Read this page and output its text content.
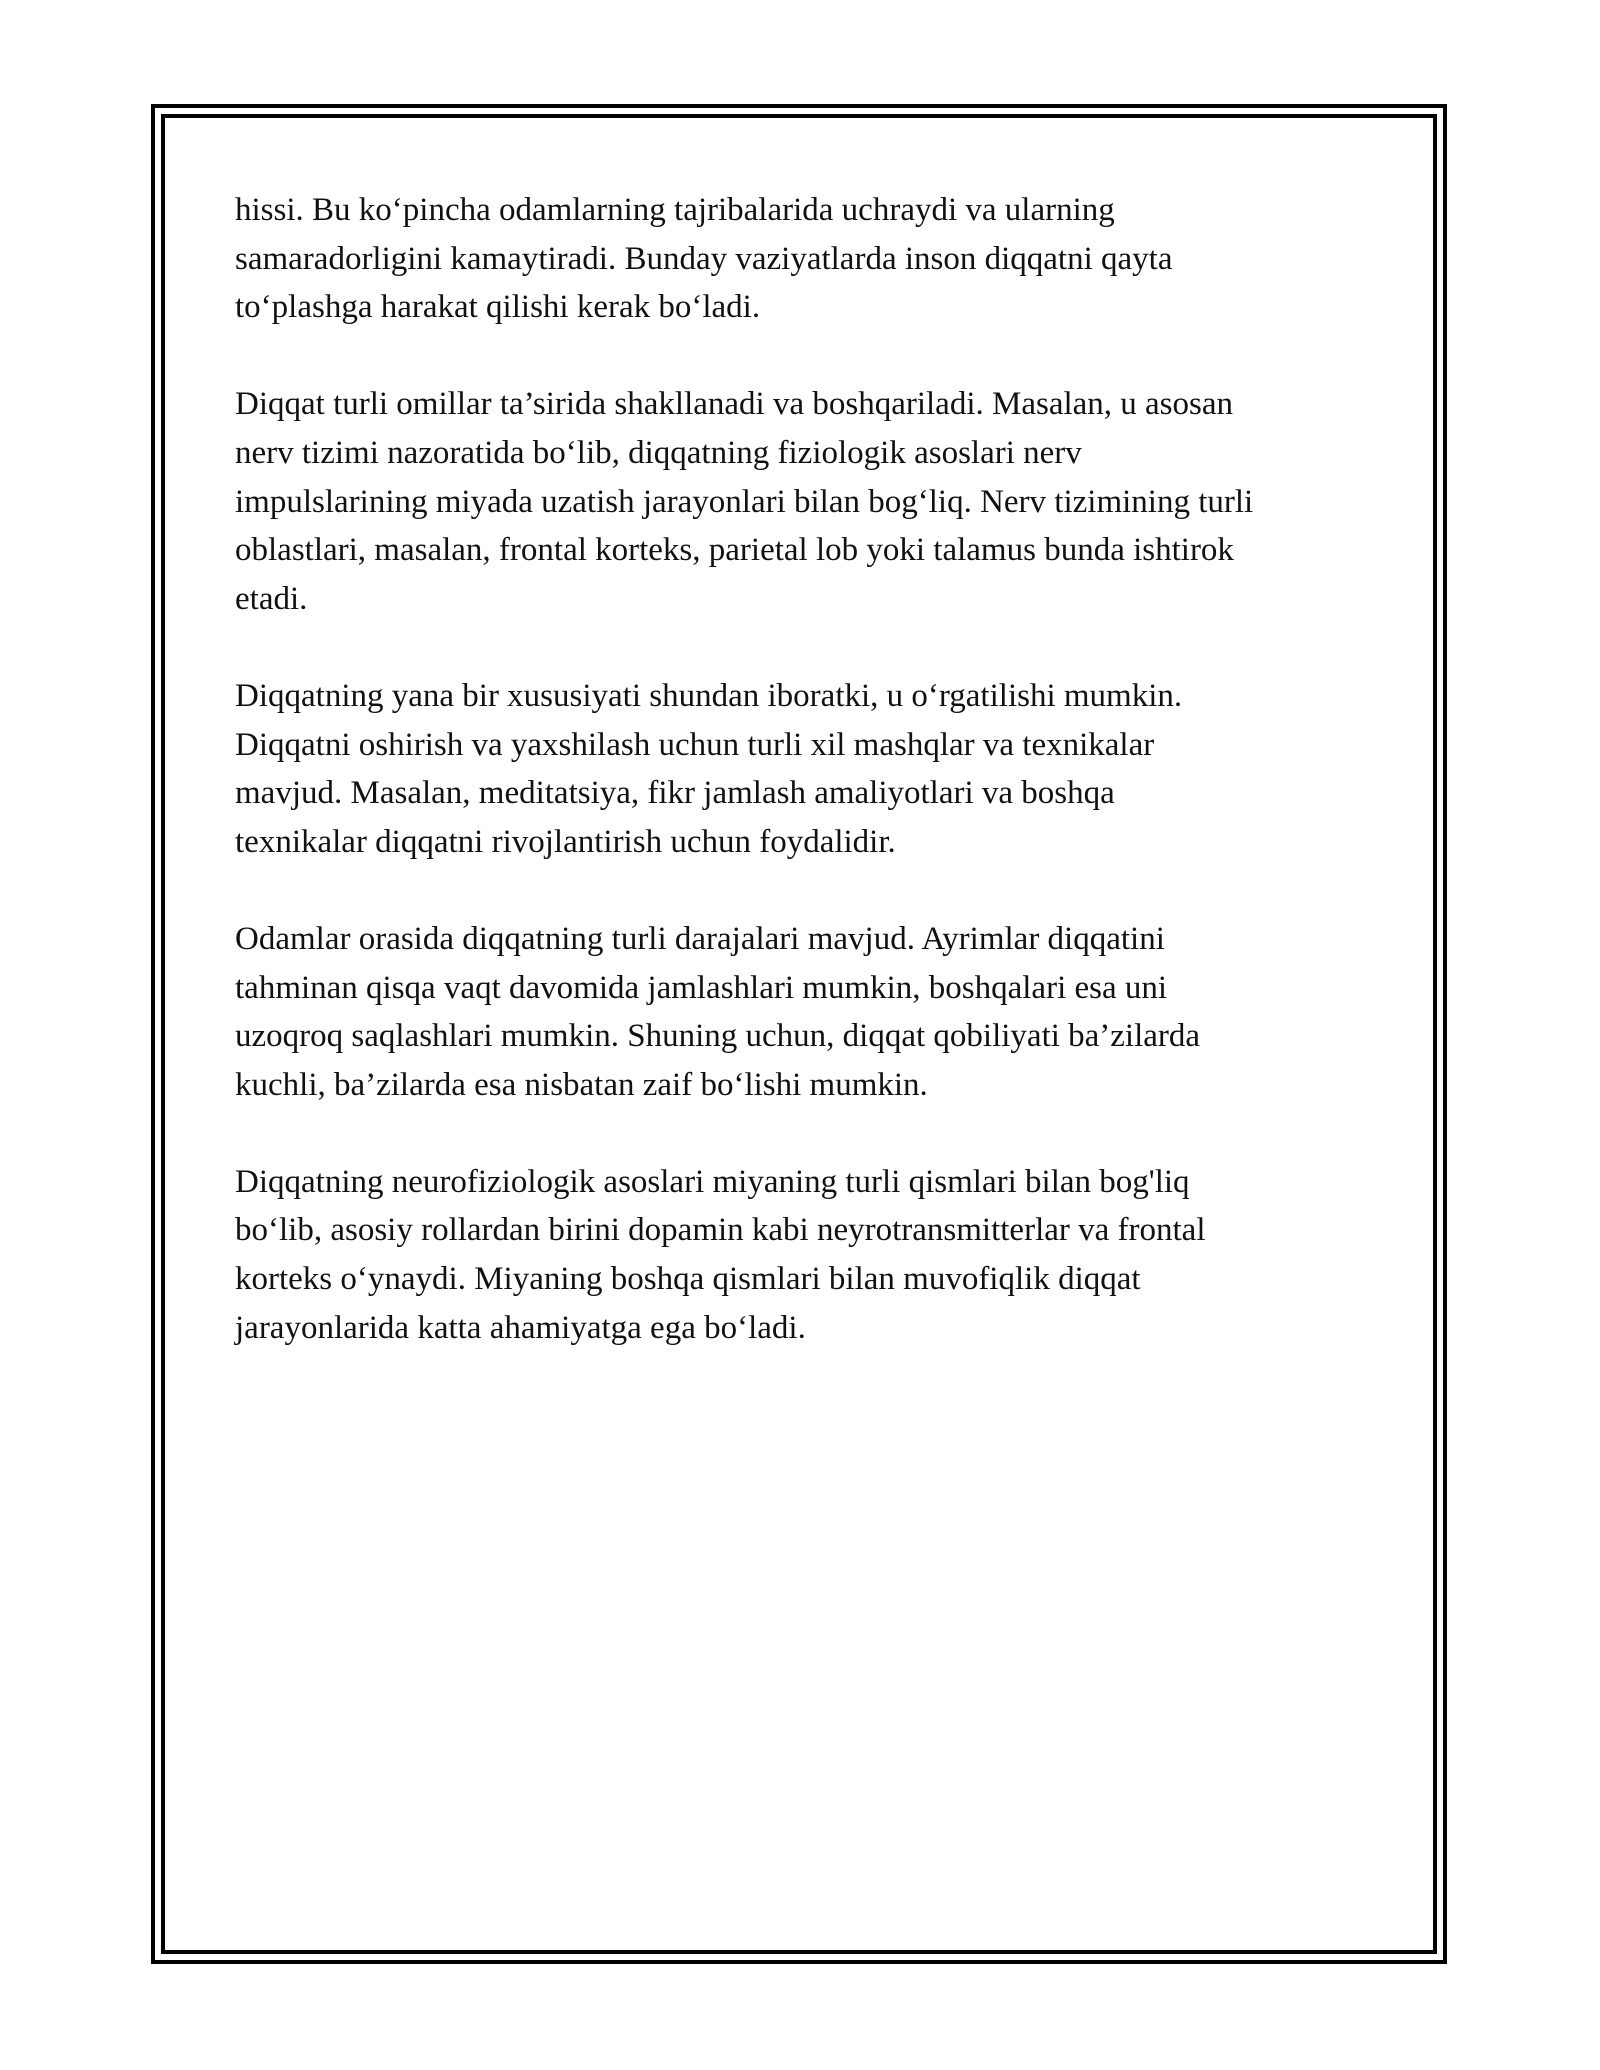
hissi. Bu ko‘pincha odamlarning tajribalarida uchraydi va ularning
samaradorligini kamaytiradi. Bunday vaziyatlarda inson diqqatni qayta
to‘plashga harakat qilishi kerak bo‘ladi.

Diqqat turli omillar ta’sirida shakllanadi va boshqariladi. Masalan, u asosan
nerv tizimi nazoratida bo‘lib, diqqatning fiziologik asoslari nerv
impulslarining miyada uzatish jarayonlari bilan bog‘liq. Nerv tizimining turli
oblastlari, masalan, frontal korteks, parietal lob yoki talamus bunda ishtirok
etadi.

Diqqatning yana bir xususiyati shundan iboratki, u o‘rgatilishi mumkin.
Diqqatni oshirish va yaxshilash uchun turli xil mashqlar va texnikalar
mavjud. Masalan, meditatsiya, fikr jamlash amaliyotlari va boshqa
texnikalar diqqatni rivojlantirish uchun foydalidir.

Odamlar orasida diqqatning turli darajalari mavjud. Ayrimlar diqqatini
tahminan qisqa vaqt davomida jamlashlari mumkin, boshqalari esa uni
uzoqroq saqlashlari mumkin. Shuning uchun, diqqat qobiliyati ba’zilarda
kuchli, ba’zilarda esa nisbatan zaif bo‘lishi mumkin.

Diqqatning neurofiziologik asoslari miyaning turli qismlari bilan bog'liq
bo‘lib, asosiy rollardan birini dopamin kabi neyrotransmitterlar va frontal
korteks o‘ynaydi. Miyaning boshqa qismlari bilan muvofiqlik diqqat
jarayonlarida katta ahamiyatga ega bo‘ladi.
